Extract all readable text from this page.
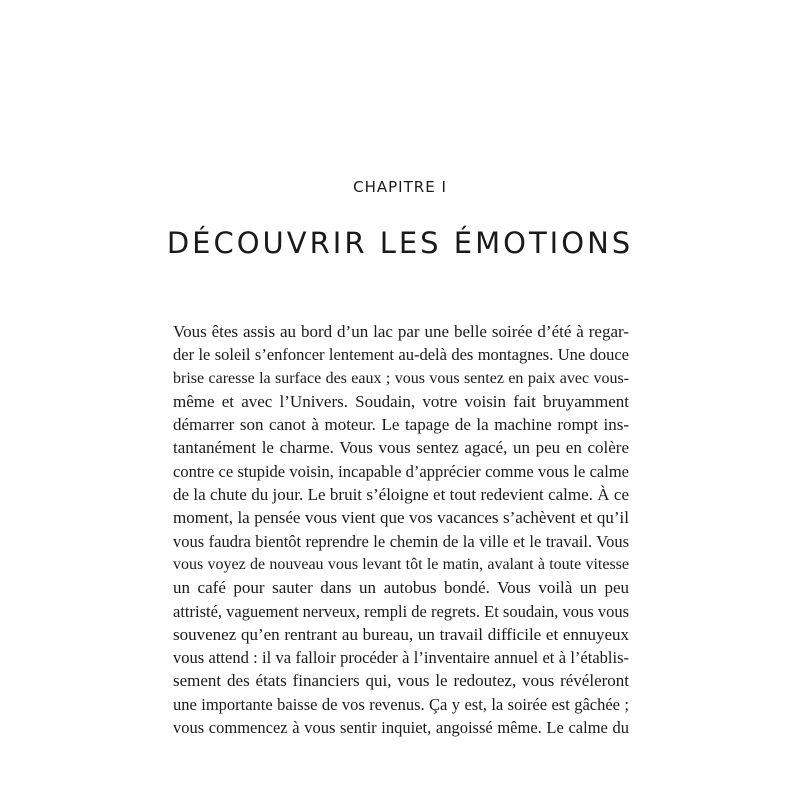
CHAPITRE I
DÉCOUVRIR LES ÉMOTIONS
Vous êtes assis au bord d’un lac par une belle soirée d’été à regar-
der le soleil s’enfoncer lentement au-delà des montagnes. Une douce
brise caresse la surface des eaux ; vous vous sentez en paix avec vous-
même et avec l’Univers. Soudain, votre voisin fait bruyamment
démarrer son canot à moteur. Le tapage de la machine rompt ins-
tantanément le charme. Vous vous sentez agacé, un peu en colère
contre ce stupide voisin, incapable d’apprécier comme vous le calme
de la chute du jour. Le bruit s’éloigne et tout redevient calme. À ce
moment, la pensée vous vient que vos vacances s’achèvent et qu’il
vous faudra bientôt reprendre le chemin de la ville et le travail. Vous
vous voyez de nouveau vous levant tôt le matin, avalant à toute vitesse
un café pour sauter dans un autobus bondé. Vous voilà un peu
attristé, vaguement nerveux, rempli de regrets. Et soudain, vous vous
souvenez qu’en rentrant au bureau, un travail difficile et ennuyeux
vous attend : il va falloir procéder à l’inventaire annuel et à l’établis-
sement des états financiers qui, vous le redoutez, vous révéleront
une importante baisse de vos revenus. Ça y est, la soirée est gâchée ;
vous commencez à vous sentir inquiet, angoissé même. Le calme du
